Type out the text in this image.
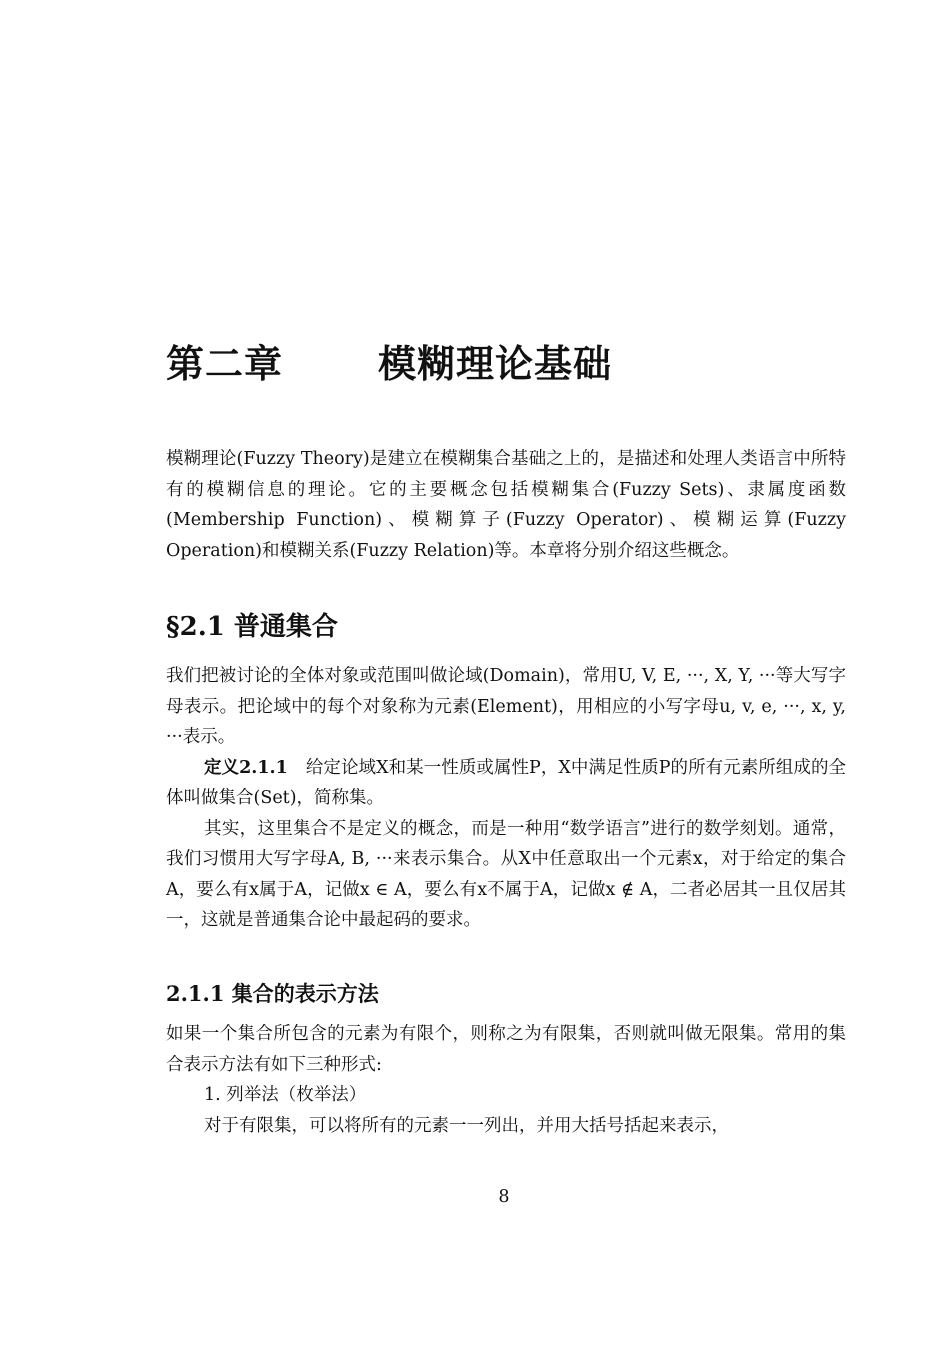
第二章 模糊理论基础

模糊理论(Fuzzy Theory)是建立在模糊集合基础之上的，是描述和处理人类语言中所特有的模糊信息的理论。它的主要概念包括模糊集合(Fuzzy Sets)、隶属度函数(Membership Function)、模糊算子(Fuzzy Operator)、模糊运算(Fuzzy Operation)和模糊关系(Fuzzy Relation)等。本章将分别介绍这些概念。

§2.1 普通集合

我们把被讨论的全体对象或范围叫做论域(Domain)，常用U, V, E, ···, X, Y, ···等大写字母表示。把论域中的每个对象称为元素(Element)，用相应的小写字母u, v, e, ···, x, y, ···表示。

定义2.1.1 给定论域X和某一性质或属性P，X中满足性质P的所有元素所组成的全体叫做集合(Set)，简称集。

其实，这里集合不是定义的概念，而是一种用“数学语言”进行的数学刻划。通常，我们习惯用大写字母A, B, ···来表示集合。从X中任意取出一个元素x，对于给定的集合A，要么有x属于A，记做x ∈ A，要么有x不属于A，记做x ∉ A，二者必居其一且仅居其一，这就是普通集合论中最起码的要求。

2.1.1 集合的表示方法

如果一个集合所包含的元素为有限个，则称之为有限集，否则就叫做无限集。常用的集合表示方法有如下三种形式:

1. 列举法（枚举法）

对于有限集，可以将所有的元素一一列出，并用大括号括起来表示，

8
